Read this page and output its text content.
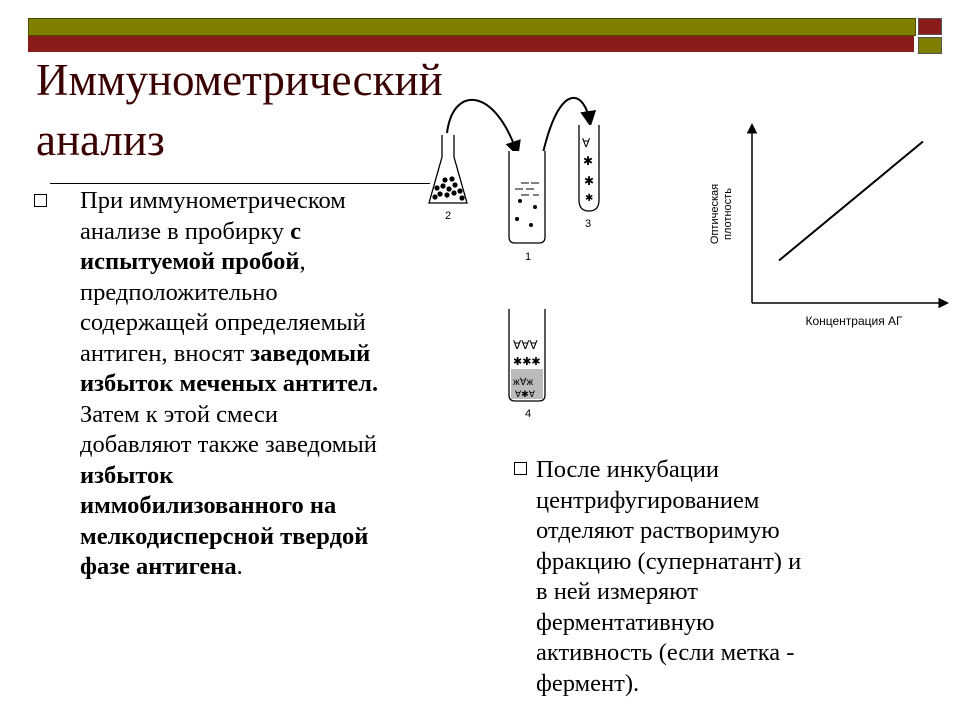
Иммунометрический
анализ

При иммунометрическом
анализе в пробирку с
испытуемой пробой,
предположительно
содержащей определяемый
антиген, вносят заведомый
избыток меченых антител.
Затем к этой смеси
добавляют также заведомый
избыток
иммобилизованного на
мелкодисперсной твердой
фазе антигена.

После инкубации
центрифугированием
отделяют растворимую
фракцию (супернатант) и
в ней измеряют
ферментативную
активность (если метка -
фермент).

2
1
∀
✱
✱
✱
3
∀∀∀
✱✱✱
ж∀ж
∀✱∀
4
Оптическая плотность
Концентрация АГ
